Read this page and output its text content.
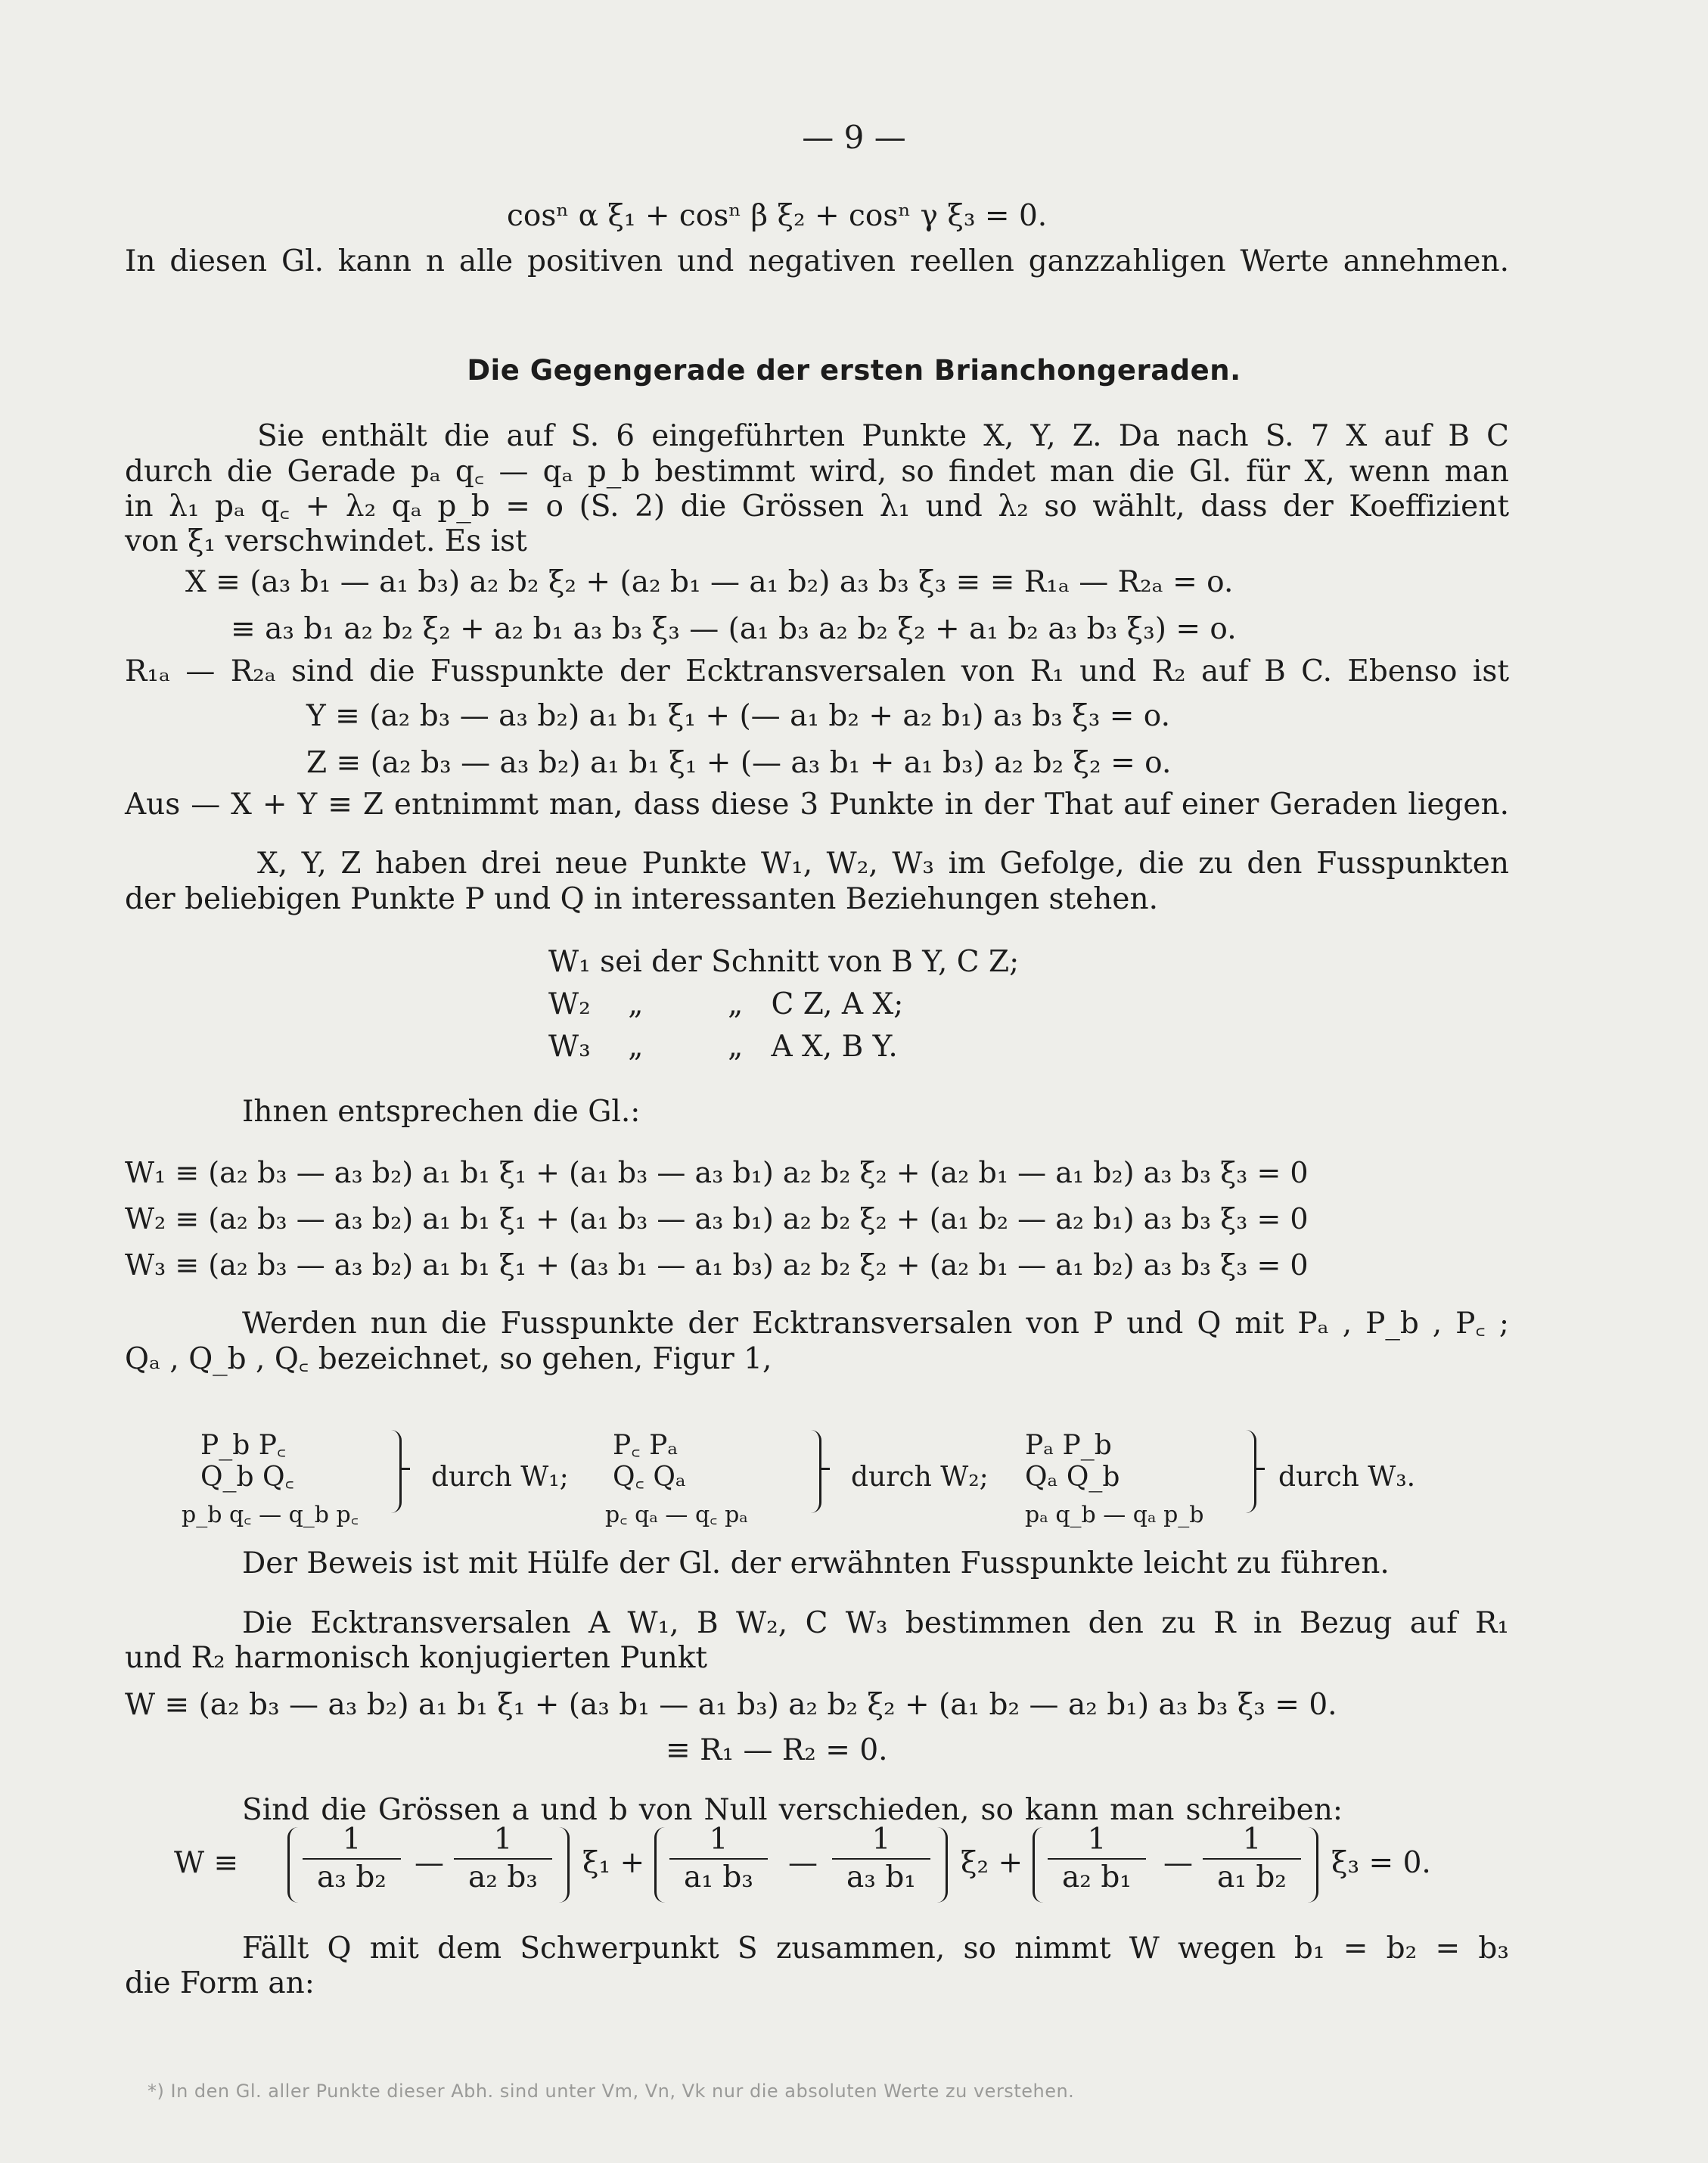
— 9 —

cosⁿ α ξ₁ + cosⁿ β ξ₂ + cosⁿ γ ξ₃ = 0.

In diesen Gl. kann n alle positiven und negativen reellen ganzzahligen Werte annehmen.

Die Gegengerade der ersten Brianchongeraden.

Sie enthält die auf S. 6 eingeführten Punkte X, Y, Z. Da nach S. 7 X auf B C

durch die Gerade pₐ q꜀ — qₐ p_b bestimmt wird, so findet man die Gl. für X, wenn man

in λ₁ pₐ q꜀ + λ₂ qₐ p_b = o (S. 2) die Grössen λ₁ und λ₂ so wählt, dass der Koeffizient

von ξ₁ verschwindet. Es ist

X ≡ (a₃ b₁ — a₁ b₃) a₂ b₂ ξ₂ + (a₂ b₁ — a₁ b₂) a₃ b₃ ξ₃ ≡ ≡ R₁ₐ — R₂ₐ = o.

≡ a₃ b₁ a₂ b₂ ξ₂ + a₂ b₁ a₃ b₃ ξ₃ — (a₁ b₃ a₂ b₂ ξ₂ + a₁ b₂ a₃ b₃ ξ₃) = o.

R₁ₐ — R₂ₐ sind die Fusspunkte der Ecktransversalen von R₁ und R₂ auf B C. Ebenso ist

Y ≡ (a₂ b₃ — a₃ b₂) a₁ b₁ ξ₁ + (— a₁ b₂ + a₂ b₁) a₃ b₃ ξ₃ = o.

Z ≡ (a₂ b₃ — a₃ b₂) a₁ b₁ ξ₁ + (— a₃ b₁ + a₁ b₃) a₂ b₂ ξ₂ = o.

Aus — X + Y ≡ Z entnimmt man, dass diese 3 Punkte in der That auf einer Geraden liegen.

X, Y, Z haben drei neue Punkte W₁, W₂, W₃ im Gefolge, die zu den Fusspunkten

der beliebigen Punkte P und Q in interessanten Beziehungen stehen.

W₁ sei der Schnitt von B Y, C Z;

W₂    „         „   C Z, A X;

W₃    „         „   A X, B Y.

Ihnen entsprechen die Gl.:

W₁ ≡ (a₂ b₃ — a₃ b₂) a₁ b₁ ξ₁ + (a₁ b₃ — a₃ b₁) a₂ b₂ ξ₂ + (a₂ b₁ — a₁ b₂) a₃ b₃ ξ₃ = 0

W₂ ≡ (a₂ b₃ — a₃ b₂) a₁ b₁ ξ₁ + (a₁ b₃ — a₃ b₁) a₂ b₂ ξ₂ + (a₁ b₂ — a₂ b₁) a₃ b₃ ξ₃ = 0

W₃ ≡ (a₂ b₃ — a₃ b₂) a₁ b₁ ξ₁ + (a₃ b₁ — a₁ b₃) a₂ b₂ ξ₂ + (a₂ b₁ — a₁ b₂) a₃ b₃ ξ₃ = 0

Werden nun die Fusspunkte der Ecktransversalen von P und Q mit Pₐ , P_b , P꜀ ;

Qₐ , Q_b , Q꜀ bezeichnet, so gehen, Figur 1,

P_b P꜀
Q_b Q꜀
p_b q꜀ — q_b p꜀
durch W₁;
P꜀ Pₐ
Q꜀ Qₐ
p꜀ qₐ — q꜀ pₐ
durch W₂;
Pₐ P_b
Qₐ Q_b
pₐ q_b — qₐ p_b
durch W₃.

Der Beweis ist mit Hülfe der Gl. der erwähnten Fusspunkte leicht zu führen.

Die Ecktransversalen A W₁, B W₂, C W₃ bestimmen den zu R in Bezug auf R₁

und R₂ harmonisch konjugierten Punkt

W ≡ (a₂ b₃ — a₃ b₂) a₁ b₁ ξ₁ + (a₃ b₁ — a₁ b₃) a₂ b₂ ξ₂ + (a₁ b₂ — a₂ b₁) a₃ b₃ ξ₃ = 0.

≡ R₁ — R₂ = 0.

Sind die Grössen a und b von Null verschieden, so kann man schreiben:

W ≡
1
a₃ b₂ —
1
a₂ b₃	ξ₁ +
1
a₁ b₃	—
1
a₃ b₁	ξ₂ +
1
a₂ b₁	—
1
a₁ b₂	ξ₃ = 0.

Fällt Q mit dem Schwerpunkt S zusammen, so nimmt W wegen b₁ = b₂ = b₃

die Form an:

*) In den Gl. aller Punkte dieser Abh. sind unter Vm, Vn, Vk nur die absoluten Werte zu verstehen.
